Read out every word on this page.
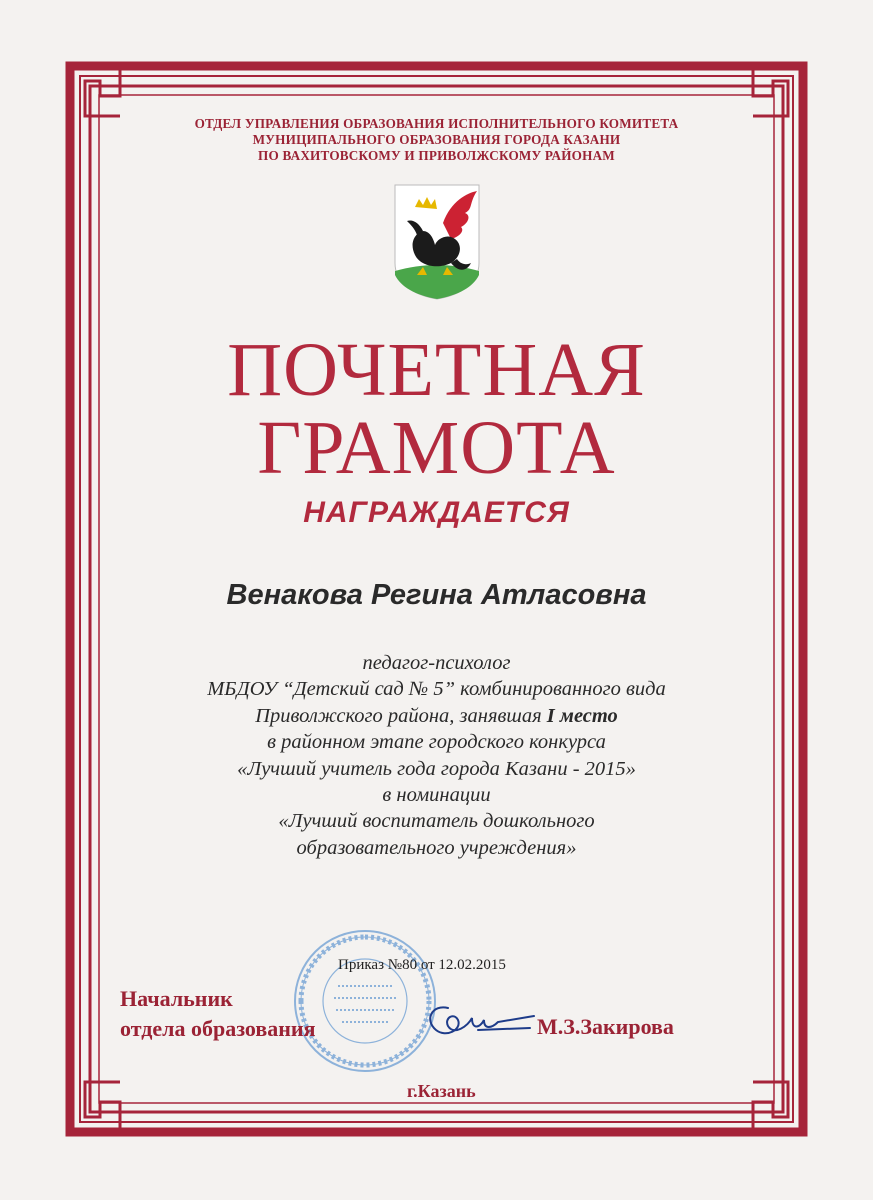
ОТДЕЛ УПРАВЛЕНИЯ ОБРАЗОВАНИЯ ИСПОЛНИТЕЛЬНОГО КОМИТЕТА
МУНИЦИПАЛЬНОГО ОБРАЗОВАНИЯ ГОРОДА КАЗАНИ
ПО ВАХИТОВСКОМУ И ПРИВОЛЖСКОМУ РАЙОНАМ
ПОЧЕТНАЯ
ГРАМОТА
НАГРАЖДАЕТСЯ
Венакова Регина Атласовна
педагог-психолог
МБДОУ “Детский сад № 5” комбинированного вида
Приволжского района, занявшая I место
в районном этапе городского конкурса
«Лучший учитель года города Казани - 2015»
в номинации
«Лучший воспитатель дошкольного
образовательного учреждения»
Приказ №80 от 12.02.2015
Начальник
отдела образования	М.З.Закирова
г.Казань
